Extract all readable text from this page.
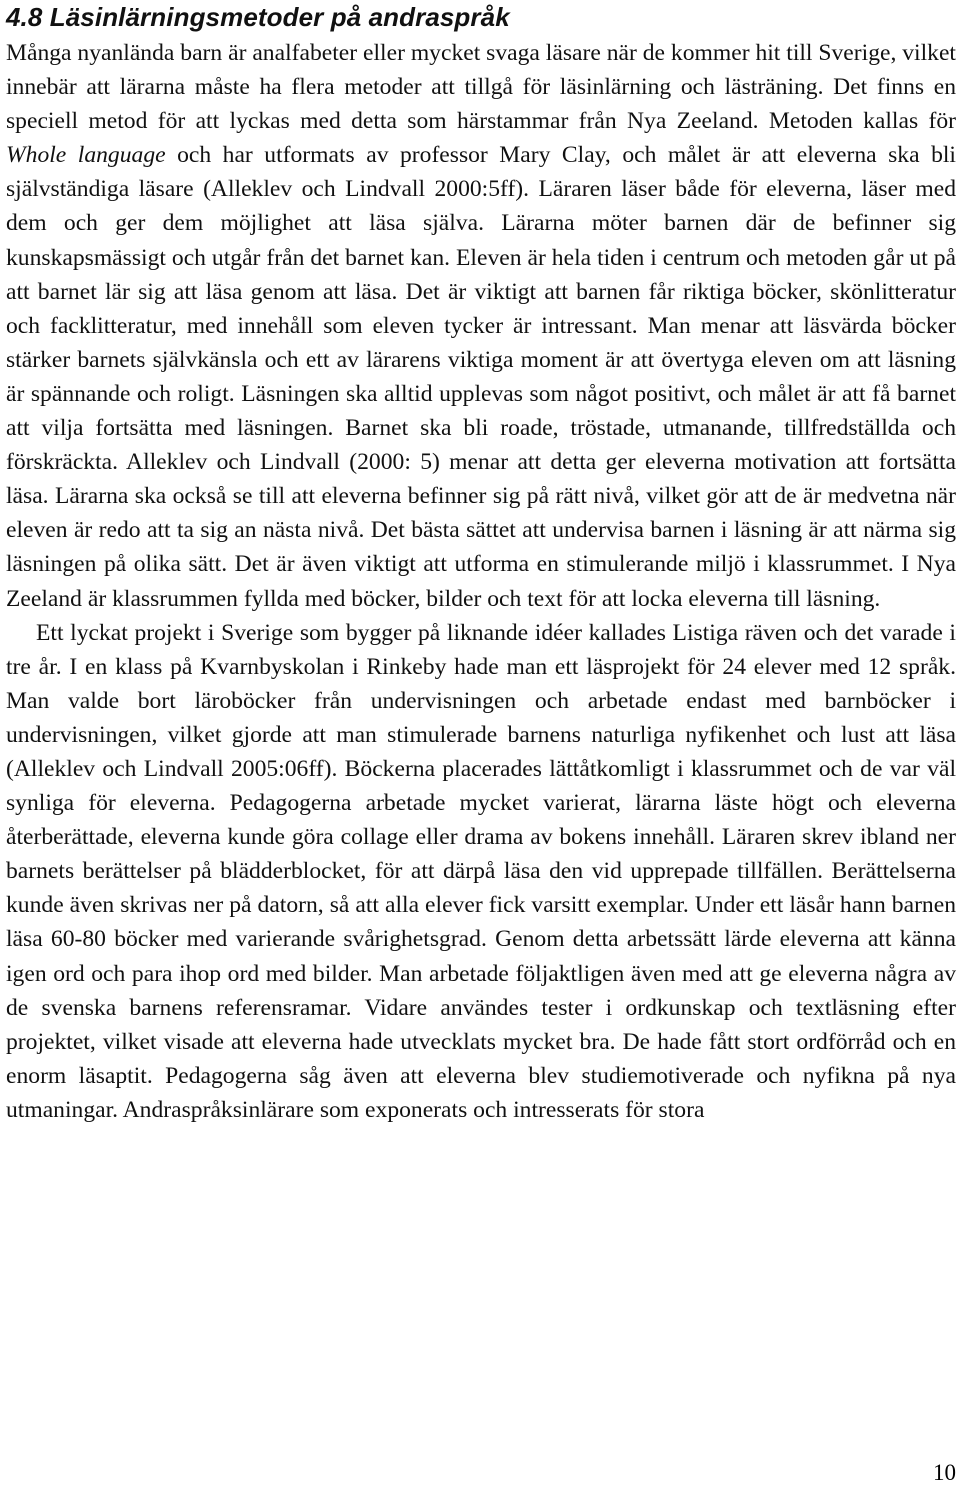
4.8 Läsinlärningsmetoder på andraspråk

Många nyanlända barn är analfabeter eller mycket svaga läsare när de kommer hit till Sverige, vilket innebär att lärarna måste ha flera metoder att tillgå för läsinlärning och lästräning. Det finns en speciell metod för att lyckas med detta som härstammar från Nya Zeeland. Metoden kallas för Whole language och har utformats av professor Mary Clay, och målet är att eleverna ska bli självständiga läsare (Alleklev och Lindvall 2000:5ff). Läraren läser både för eleverna, läser med dem och ger dem möjlighet att läsa själva. Lärarna möter barnen där de befinner sig kunskapsmässigt och utgår från det barnet kan. Eleven är hela tiden i centrum och metoden går ut på att barnet lär sig att läsa genom att läsa. Det är viktigt att barnen får riktiga böcker, skönlitteratur och facklitteratur, med innehåll som eleven tycker är intressant. Man menar att läsvärda böcker stärker barnets självkänsla och ett av lärarens viktiga moment är att övertyga eleven om att läsning är spännande och roligt. Läsningen ska alltid upplevas som något positivt, och målet är att få barnet att vilja fortsätta med läsningen. Barnet ska bli roade, tröstade, utmanande, tillfredställda och förskräckta. Alleklev och Lindvall (2000: 5) menar att detta ger eleverna motivation att fortsätta läsa. Lärarna ska också se till att eleverna befinner sig på rätt nivå, vilket gör att de är medvetna när eleven är redo att ta sig an nästa nivå. Det bästa sättet att undervisa barnen i läsning är att närma sig läsningen på olika sätt. Det är även viktigt att utforma en stimulerande miljö i klassrummet. I Nya Zeeland är klassrummen fyllda med böcker, bilder och text för att locka eleverna till läsning.

Ett lyckat projekt i Sverige som bygger på liknande idéer kallades Listiga räven och det varade i tre år. I en klass på Kvarnbyskolan i Rinkeby hade man ett läsprojekt för 24 elever med 12 språk. Man valde bort läroböcker från undervisningen och arbetade endast med barnböcker i undervisningen, vilket gjorde att man stimulerade barnens naturliga nyfikenhet och lust att läsa (Alleklev och Lindvall 2005:06ff). Böckerna placerades lättåtkomligt i klassrummet och de var väl synliga för eleverna. Pedagogerna arbetade mycket varierat, lärarna läste högt och eleverna återberättade, eleverna kunde göra collage eller drama av bokens innehåll. Läraren skrev ibland ner barnets berättelser på blädderblocket, för att därpå läsa den vid upprepade tillfällen. Berättelserna kunde även skrivas ner på datorn, så att alla elever fick varsitt exemplar. Under ett läsår hann barnen läsa 60-80 böcker med varierande svårighetsgrad. Genom detta arbetssätt lärde eleverna att känna igen ord och para ihop ord med bilder. Man arbetade följaktligen även med att ge eleverna några av de svenska barnens referensramar. Vidare användes tester i ordkunskap och textläsning efter projektet, vilket visade att eleverna hade utvecklats mycket bra. De hade fått stort ordförråd och en enorm läsaptit. Pedagogerna såg även att eleverna blev studiemotiverade och nyfikna på nya utmaningar. Andraspråksinlärare som exponerats och intresserats för stora

10
